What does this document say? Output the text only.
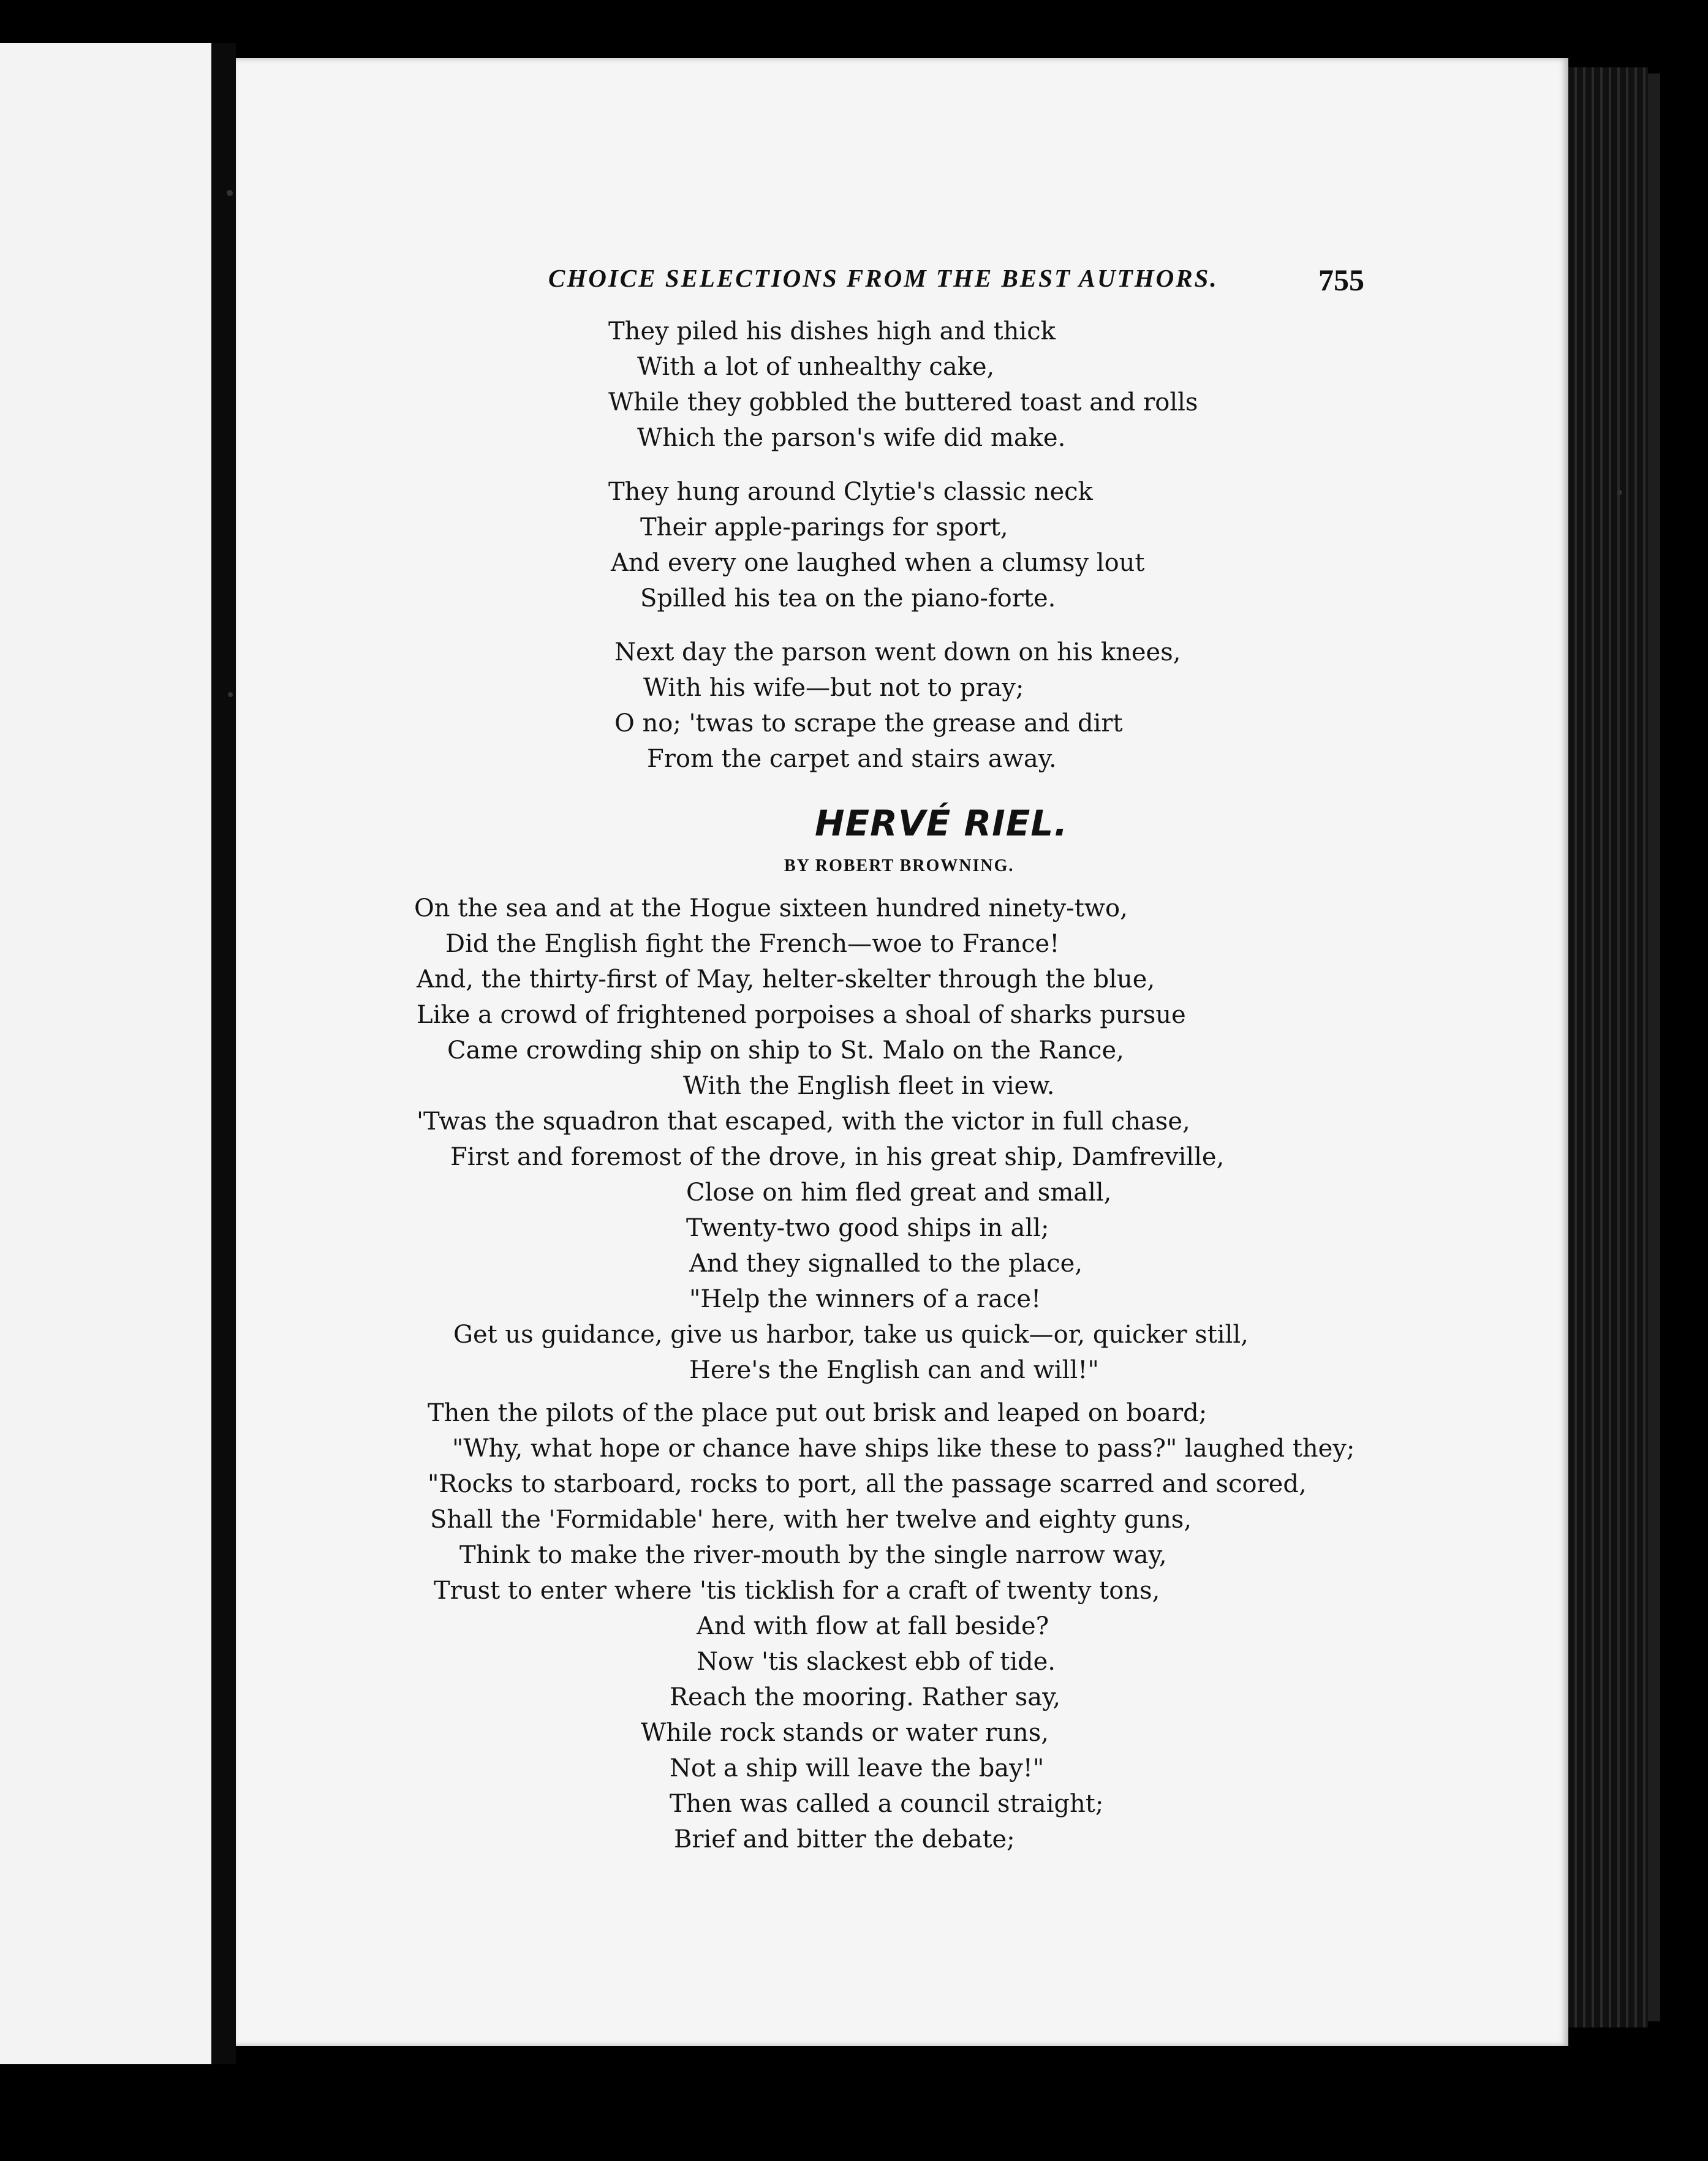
CHOICE SELECTIONS FROM THE BEST AUTHORS.	755
They piled his dishes high and thick
With a lot of unhealthy cake,
While they gobbled the buttered toast and rolls
Which the parson's wife did make.
They hung around Clytie's classic neck
Their apple-parings for sport,
And every one laughed when a clumsy lout
Spilled his tea on the piano-forte.
Next day the parson went down on his knees,
With his wife—but not to pray;
O no; 'twas to scrape the grease and dirt
From the carpet and stairs away.
HERVÉ RIEL.
BY ROBERT BROWNING.
On the sea and at the Hogue sixteen hundred ninety-two,
Did the English fight the French—woe to France!
And, the thirty-first of May, helter-skelter through the blue,
Like a crowd of frightened porpoises a shoal of sharks pursue
Came crowding ship on ship to St. Malo on the Rance,
With the English fleet in view.
'Twas the squadron that escaped, with the victor in full chase,
First and foremost of the drove, in his great ship, Damfreville,
Close on him fled great and small,
Twenty-two good ships in all;
And they signalled to the place,
"Help the winners of a race!
Get us guidance, give us harbor, take us quick—or, quicker still,
Here's the English can and will!"
Then the pilots of the place put out brisk and leaped on board;
"Why, what hope or chance have ships like these to pass?" laughed they;
"Rocks to starboard, rocks to port, all the passage scarred and scored,
Shall the 'Formidable' here, with her twelve and eighty guns,
Think to make the river-mouth by the single narrow way,
Trust to enter where 'tis ticklish for a craft of twenty tons,
And with flow at fall beside?
Now 'tis slackest ebb of tide.
Reach the mooring. Rather say,
While rock stands or water runs,
Not a ship will leave the bay!"
Then was called a council straight;
Brief and bitter the debate;
